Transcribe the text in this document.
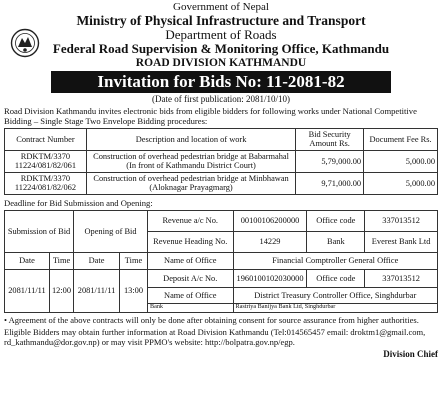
Government of Nepal
Ministry of Physical Infrastructure and Transport
Department of Roads
Federal Road Supervision & Monitoring Office, Kathmandu
ROAD DIVISION KATHMANDU
Invitation for Bids No: 11-2081-82
(Date of first publication: 2081/10/10)
Road Division Kathmandu invites electronic bids from eligible bidders for following works under National Competitive Bidding – Single Stage Two Envelope Bidding procedures:
Contract Number	Description and location of work	Bid Security Amount Rs.	Document Fee Rs.
RDKTM/3370 11224/081/82/061	Construction of overhead pedestrian bridge at Babarmahal (In front of Kathmandu District Court)	5,79,000.00	5,000.00
RDKTM/3370 11224/081/82/062	Construction of overhead pedestrian bridge at Minbhawan (Aloknagar Prayagmarg)	9,71,000.00	5,000.00
Deadline for Bid Submission and Opening:
Submission of Bid		Opening of Bid		Revenue a/c No.	00100106200000	Office code	337013512
				Revenue Heading No.	14229	Bank	Everest Bank Ltd
Date	Time	Date	Time	Name of Office	Financial Comptroller General Office		
2081/11/11	12:00	2081/11/11	13:00	Deposit A/c No.	1960100102030000	Office code	337013512
				Name of Office	District Treasury Controller Office, Singhdurbar		
				Bank	Rastriya Banijya Bank Ltd, Singhdurbar		
• Agreement of the above contracts will only be done after obtaining consent for source assurance from higher authorities.
Eligible Bidders may obtain further information at Road Division Kathmandu (Tel:014565457 email: droktm1@gmail.com, rd_kathmandu@dor.gov.np) or may visit PPMO's website: http://bolpatra.gov.np/egp.
Division Chief
